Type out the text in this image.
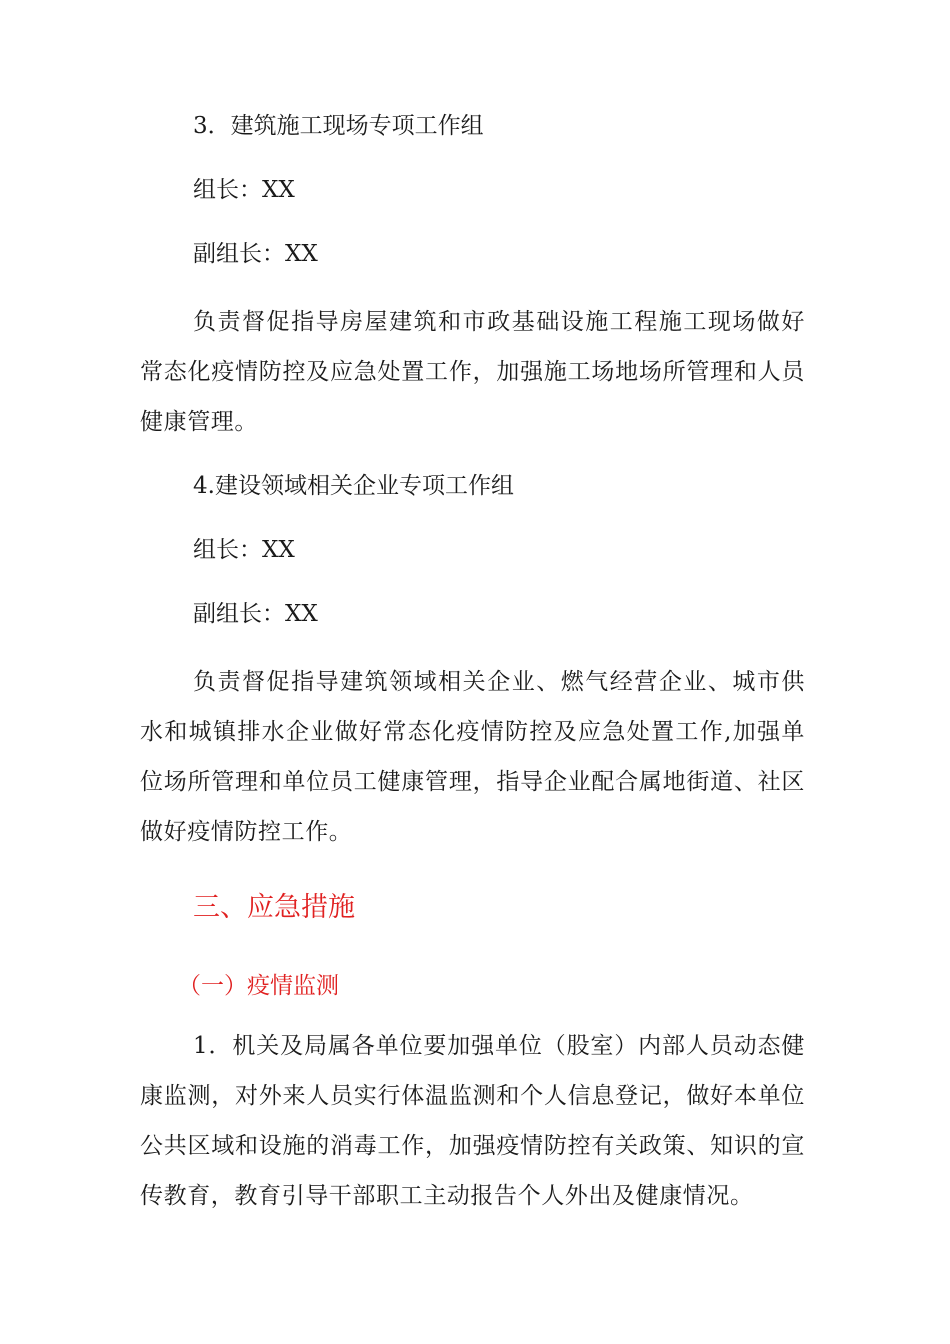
3．建筑施工现场专项工作组
组长：XX
副组长：XX
负责督促指导房屋建筑和市政基础设施工程施工现场做好常态化疫情防控及应急处置工作，加强施工场地场所管理和人员健康管理。
4.建设领域相关企业专项工作组
组长：XX
副组长：XX
负责督促指导建筑领域相关企业、燃气经营企业、城市供水和城镇排水企业做好常态化疫情防控及应急处置工作,加强单位场所管理和单位员工健康管理，指导企业配合属地街道、社区做好疫情防控工作。
三、应急措施
（一）疫情监测
1．机关及局属各单位要加强单位（股室）内部人员动态健康监测，对外来人员实行体温监测和个人信息登记，做好本单位公共区域和设施的消毒工作，加强疫情防控有关政策、知识的宣传教育，教育引导干部职工主动报告个人外出及健康情况。
